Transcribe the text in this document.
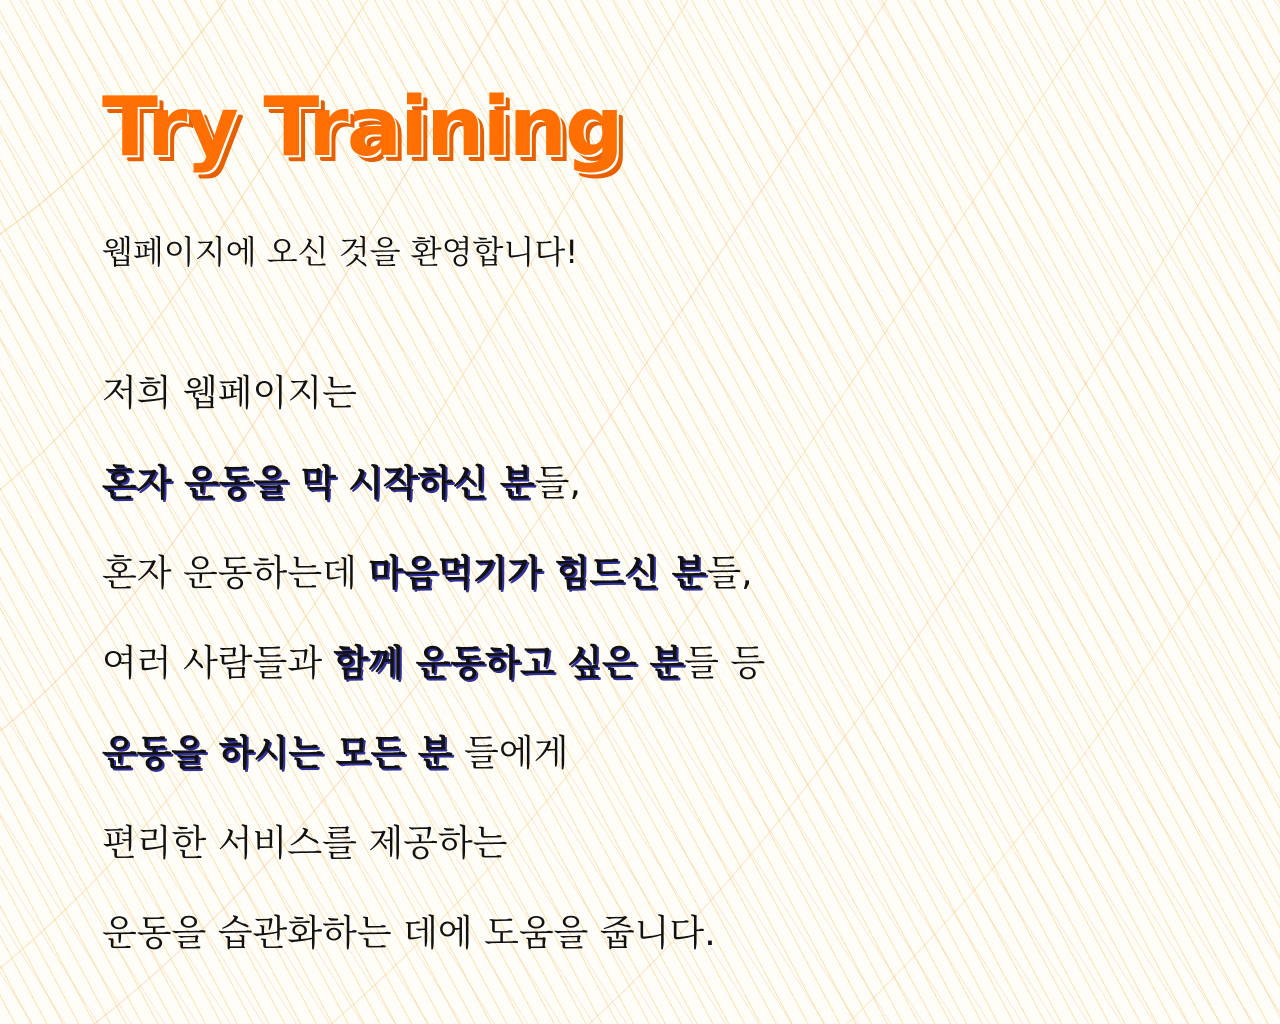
Try Training

웹페이지에 오신 것을 환영합니다!

저희 웹페이지는
혼자 운동을 막 시작하신 분들,
혼자 운동하는데 마음먹기가 힘드신 분들,
여러 사람들과 함께 운동하고 싶은 분들 등
운동을 하시는 모든 분 들에게
편리한 서비스를 제공하는
운동을 습관화하는 데에 도움을 줍니다.
